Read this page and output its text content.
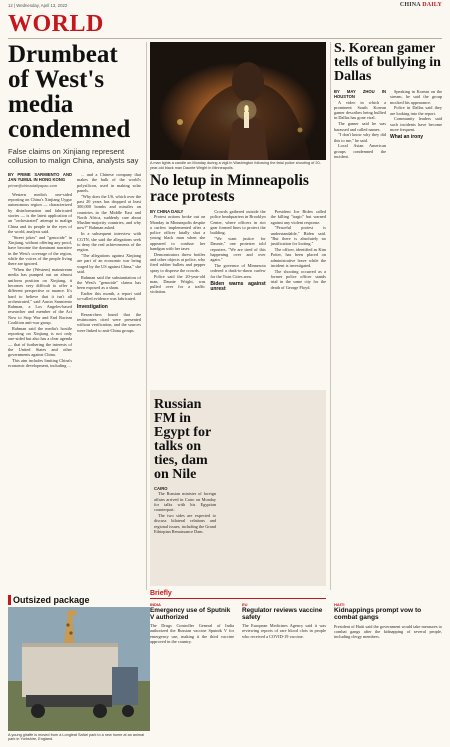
12 | Wednesday, April 13, 2022	CHINA DAILY
WORLD
Drumbeat of West's media condemned
False claims on Xinjiang represent collusion to malign China, analysts say
BY PRIME SARMIENTO AND JAN YUMUL IN HONG KONG
prime@chinadailyapac.com

Western media's one-sided reporting on China's Xinjiang Uygur autonomous region — characterized by disinformation and fabricated stories — is the latest application of an "orchestrated" attempt to malign China and its people in the eyes of the world, analysts said.

"Street jokes" and "genocide" in Xinjiang, without offering any proof, have become the dominant narrative in the West's coverage of the region, while the voices of the people living there are ignored.

"When the (Western) mainstream media has pumped out an almost uniform position on Xinjiang, it becomes very difficult to offer a different perspective or nuance. It's hard to believe that it isn't all orchestrated," said Aaron Sarmiento Rahman, a Los Angeles-based researcher and member of the Act Now to Stop War and End Racism Coalition anti-war group.

Rahman said the media's hostile reporting on Xinjiang is not only one-sided but also has a clear agenda — that of furthering the interests of the United States and other governments against China.

This aim includes limiting China's economic development, including ...

... and a Chinese company that makes the bulk of the world's polysilicon, used in making solar panels.

"Why does the US, which over the past 20 years has dropped at least 300,000 bombs and missiles on countries in the Middle East and North Africa, suddenly care about Muslim-majority countries, and why now?" Rahman asked.

In a subsequent interview with CGTN, she said the allegations seek to deny the real achievements of the region.

"The allegations against Xinjiang are part of an economic war being waged by the US against China," she said.

Rahman said the substantiation of the West's "genocide" claims has been exposed as a sham.

Earlier this month, a report said so-called evidence was fabricated.

Investigation

Researchers found that the testimonies cited were presented without verification, and the sources were linked to anti-China groups.

A man lights a candle on Monday during a vigil in Washington following the fatal police shooting of 20-year-old black man Daunte Wright in Minneapolis.
No letup in Minneapolis race protests
BY CHINA DAILY

Protest actions broke out on Monday in Minneapolis despite a curfew implemented after a police officer fatally shot a young black man when she appeared to confuse her handgun with her taser.

Demonstrators threw bottles and other objects at police, who fired rubber bullets and pepper spray to disperse the crowds.

Police said the 20-year-old man, Daunte Wright, was pulled over for a traffic violation.

Crowds gathered outside the police headquarters in Brooklyn Center, where officers in riot gear formed lines to protect the building.

"We want justice for Daunte," one protester told reporters. "We are tired of this happening over and over again."

The governor of Minnesota ordered a dusk-to-dawn curfew for the Twin Cities area.

Biden warns against unrest

President Joe Biden called the killing "tragic" but warned against any violent response.

"Peaceful protest is understandable," Biden said. "But there is absolutely no justification for looting."

The officer, identified as Kim Potter, has been placed on administrative leave while the incident is investigated.

The shooting occurred as a former police officer stands trial in the same city for the death of George Floyd.

Russian FM in Egypt for talks on ties, dam on Nile
CAIRO

The Russian minister of foreign affairs arrived in Cairo on Monday for talks with his Egyptian counterpart.

The two sides are expected to discuss bilateral relations and regional issues, including the Grand Ethiopian Renaissance Dam.

S. Korean gamer tells of bullying in Dallas
BY MAY ZHOU IN HOUSTON

A video in which a prominent South Korean gamer describes being bullied in Dallas has gone viral.

The gamer said he was harassed and called names.

"I don't know why they did this to me," he said.

Local Asian American groups condemned the incident.

Speaking in Korean on the stream, he said the group mocked his appearance.

Police in Dallas said they are looking into the report.

Community leaders said such incidents have become more frequent.

What an irony
Outsized package
A young giraffe is moved from a Longleat Safari park to a new home at an animal park in Yorkshire, England.
Briefly
INDIA
Emergency use of Sputnik V authorized
The Drugs Controller General of India authorized the Russian vaccine Sputnik V for emergency use, making it the third vaccine approved in the country.
EU
Regulator reviews vaccine safety
The European Medicines Agency said it was reviewing reports of rare blood clots in people who received a COVID-19 vaccine.
HAITI
Kidnappings prompt vow to combat gangs
President of Haiti said the government would take measures to combat gangs after the kidnapping of several people, including clergy members.
